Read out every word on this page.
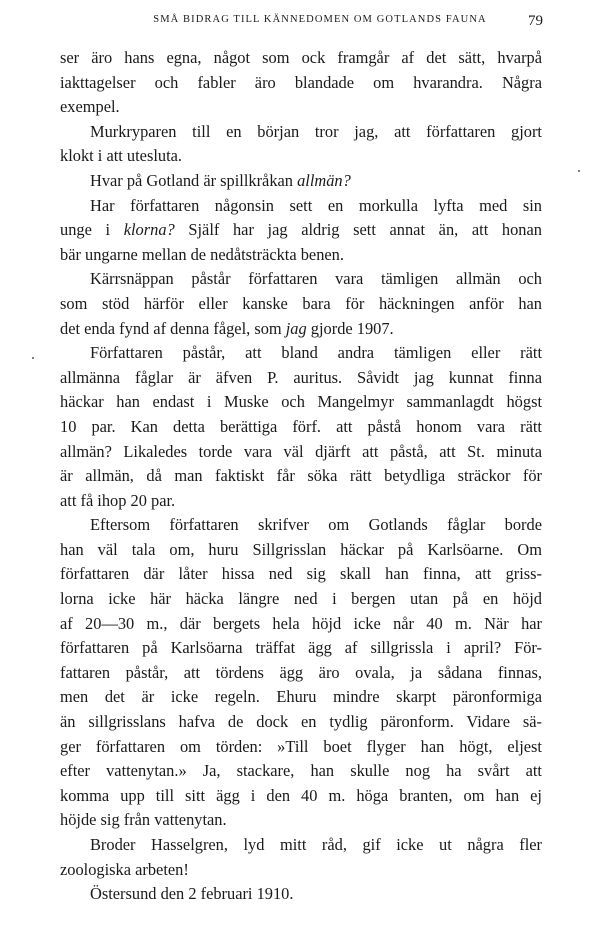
SMÅ BIDRAG TILL KÄNNEDOMEN OM GOTLANDS FAUNA	79
ser äro hans egna, något som ock framgår af det sätt, hvarpå
iakttagelser och fabler äro blandade om hvarandra. Några
exempel.
Murkryparen till en början tror jag, att författaren gjort
klokt i att utesluta.
Hvar på Gotland är spillkråkan allmän?
Har författaren någonsin sett en morkulla lyfta med sin
unge i klorna? Själf har jag aldrig sett annat än, att honan
bär ungarne mellan de nedåtsträckta benen.
Kärrsnäppan påstår författaren vara tämligen allmän och
som stöd härför eller kanske bara för häckningen anför han
det enda fynd af denna fågel, som jag gjorde 1907.
Författaren påstår, att bland andra tämligen eller rätt
allmänna fåglar är äfven P. auritus. Såvidt jag kunnat finna
häckar han endast i Muske och Mangelmyr sammanlagdt högst
10 par. Kan detta berättiga förf. att påstå honom vara rätt
allmän? Likaledes torde vara väl djärft att påstå, att St. minuta
är allmän, då man faktiskt får söka rätt betydliga sträckor för
att få ihop 20 par.
Eftersom författaren skrifver om Gotlands fåglar borde
han väl tala om, huru Sillgrisslan häckar på Karlsöarne. Om
författaren där låter hissa ned sig skall han finna, att griss-
lorna icke här häcka längre ned i bergen utan på en höjd
af 20—30 m., där bergets hela höjd icke når 40 m. När har
författaren på Karlsöarna träffat ägg af sillgrissla i april? För-
fattaren påstår, att tördens ägg äro ovala, ja sådana finnas,
men det är icke regeln. Ehuru mindre skarpt päronformiga
än sillgrisslans hafva de dock en tydlig päronform. Vidare sä-
ger författaren om törden: »Till boet flyger han högt, eljest
efter vattenytan.» Ja, stackare, han skulle nog ha svårt att
komma upp till sitt ägg i den 40 m. höga branten, om han ej
höjde sig från vattenytan.
Broder Hasselgren, lyd mitt råd, gif icke ut några fler
zoologiska arbeten!
Östersund den 2 februari 1910.
